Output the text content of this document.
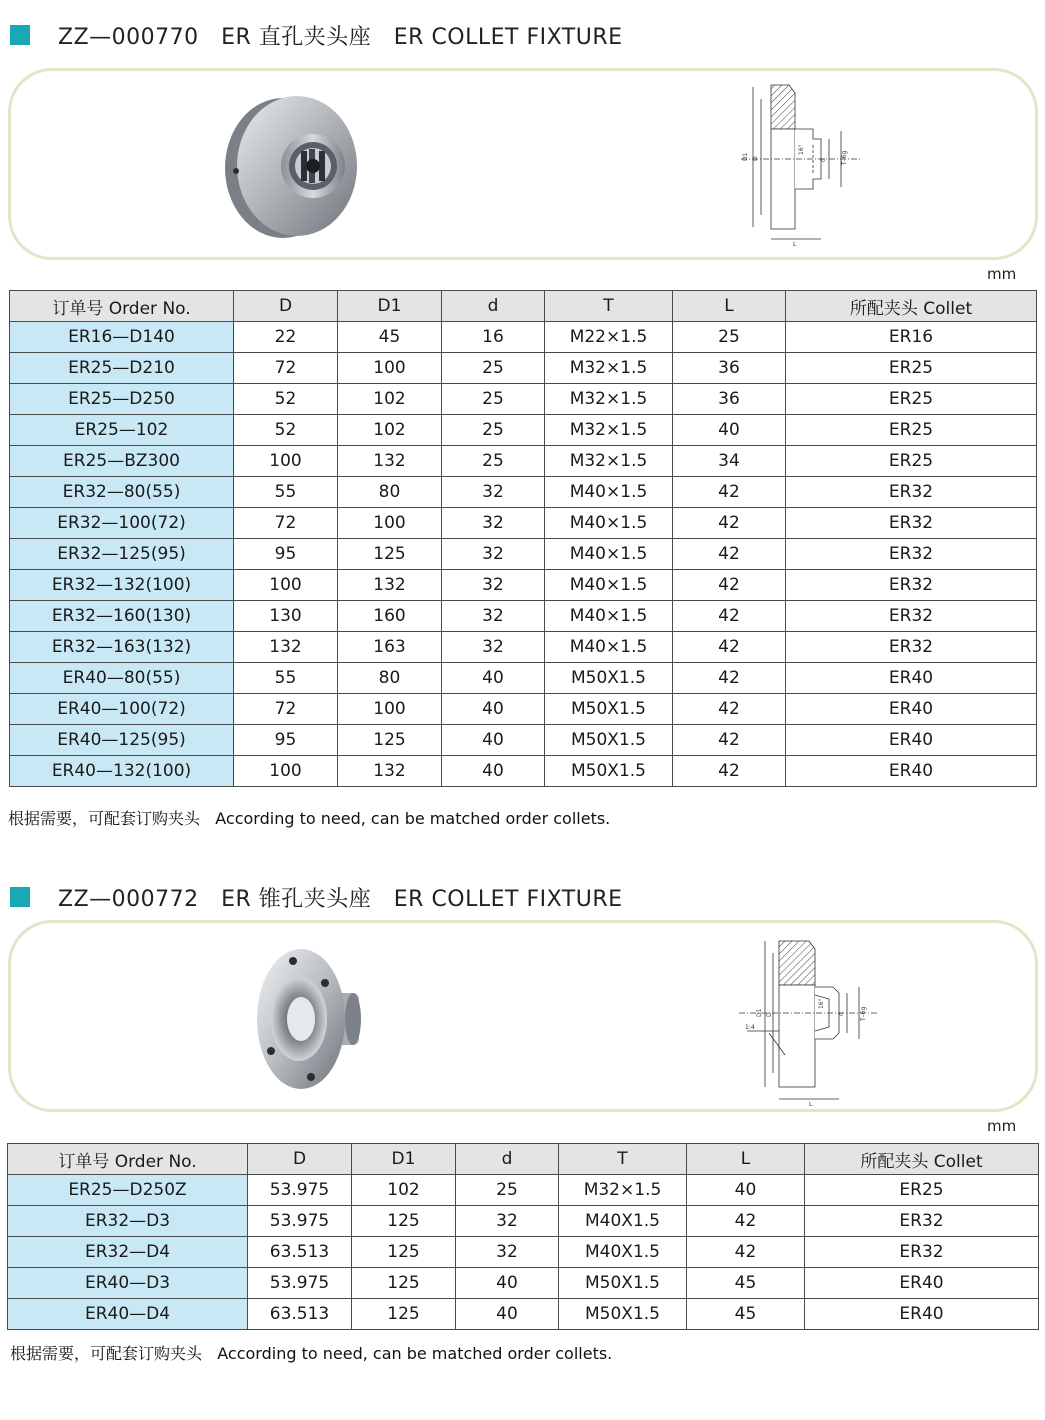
ZZ—000770   ER 直孔夹头座   ER COLLET FIXTURE
D1 D
L
d T–6g
16°
mm
订单号 Order No.	D	D1	d	T	L	所配夹头 Collet
ER16—D140	22	45	16	M22×1.5	25	ER16
ER25—D210	72	100	25	M32×1.5	36	ER25
ER25—D250	52	102	25	M32×1.5	36	ER25
ER25—102	52	102	25	M32×1.5	40	ER25
ER25—BZ300	100	132	25	M32×1.5	34	ER25
ER32—80(55)	55	80	32	M40×1.5	42	ER32
ER32—100(72)	72	100	32	M40×1.5	42	ER32
ER32—125(95)	95	125	32	M40×1.5	42	ER32
ER32—132(100)	100	132	32	M40×1.5	42	ER32
ER32—160(130)	130	160	32	M40×1.5	42	ER32
ER32—163(132)	132	163	32	M40×1.5	42	ER32
ER40—80(55)	55	80	40	M50X1.5	42	ER40
ER40—100(72)	72	100	40	M50X1.5	42	ER40
ER40—125(95)	95	125	40	M50X1.5	42	ER40
ER40—132(100)	100	132	40	M50X1.5	42	ER40
根据需要，可配套订购夹头   According to need, can be matched order collets.
ZZ—000772   ER 锥孔夹头座   ER COLLET FIXTURE
D1 D
L
d	T–6g
16°
1:4
mm
订单号 Order No.	D	D1	d	T	L	所配夹头 Collet
ER25—D250Z	53.975	102	25	M32×1.5	40	ER25
ER32—D3	53.975	125	32	M40X1.5	42	ER32
ER32—D4	63.513	125	32	M40X1.5	42	ER32
ER40—D3	53.975	125	40	M50X1.5	45	ER40
ER40—D4	63.513	125	40	M50X1.5	45	ER40
根据需要，可配套订购夹头   According to need, can be matched order collets.
